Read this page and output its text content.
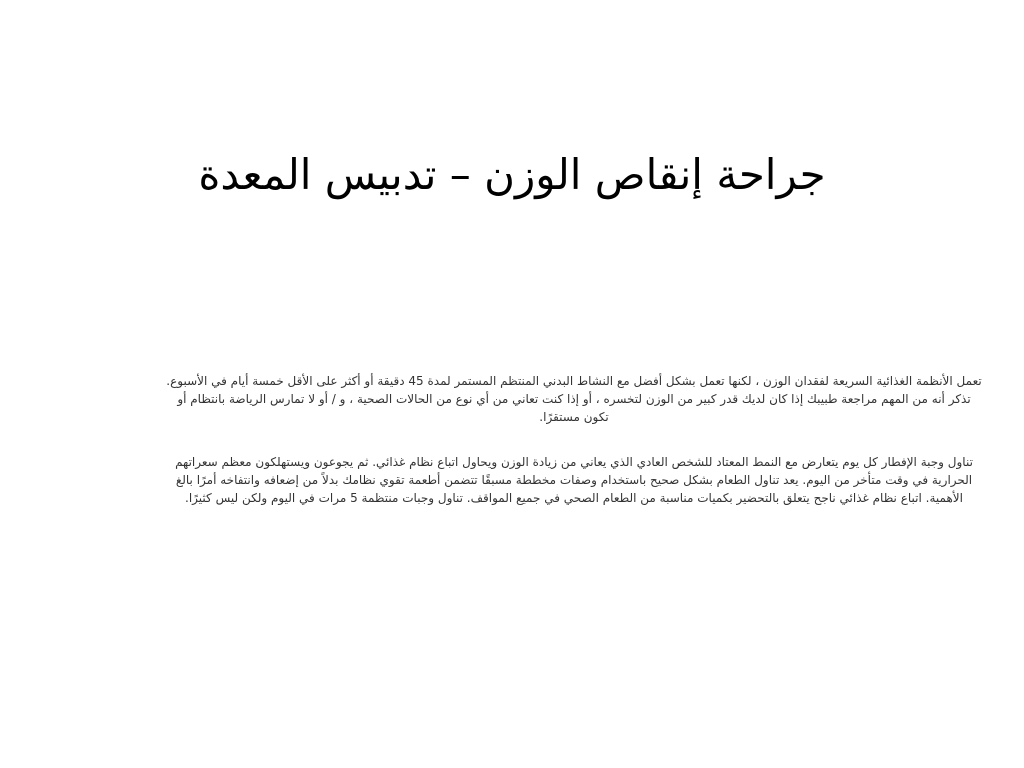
جراحة إنقاص الوزن – تدبيس المعدة

تعمل الأنظمة الغذائية السريعة لفقدان الوزن ، لكنها تعمل بشكل أفضل مع النشاط البدني المنتظم المستمر لمدة 45 دقيقة أو أكثر على الأقل خمسة أيام في الأسبوع. تذكر أنه من المهم مراجعة طبيبك إذا كان لديك قدر كبير من الوزن لتخسره ، أو إذا كنت تعاني من أي نوع من الحالات الصحية ، و / أو لا تمارس الرياضة بانتظام أو تكون مستقرًا.

تناول وجبة الإفطار كل يوم يتعارض مع النمط المعتاد للشخص العادي الذي يعاني من زيادة الوزن ويحاول اتباع نظام غذائي. ثم يجوعون ويستهلكون معظم سعراتهم الحرارية في وقت متأخر من اليوم. يعد تناول الطعام بشكل صحيح باستخدام وصفات مخططة مسبقًا تتضمن أطعمة تقوي نظامك بدلاً من إضعافه وانتفاخه أمرًا بالغ الأهمية. اتباع نظام غذائي ناجح يتعلق بالتحضير بكميات مناسبة من الطعام الصحي في جميع المواقف. تناول وجبات منتظمة 5 مرات في اليوم ولكن ليس كثيرًا.
